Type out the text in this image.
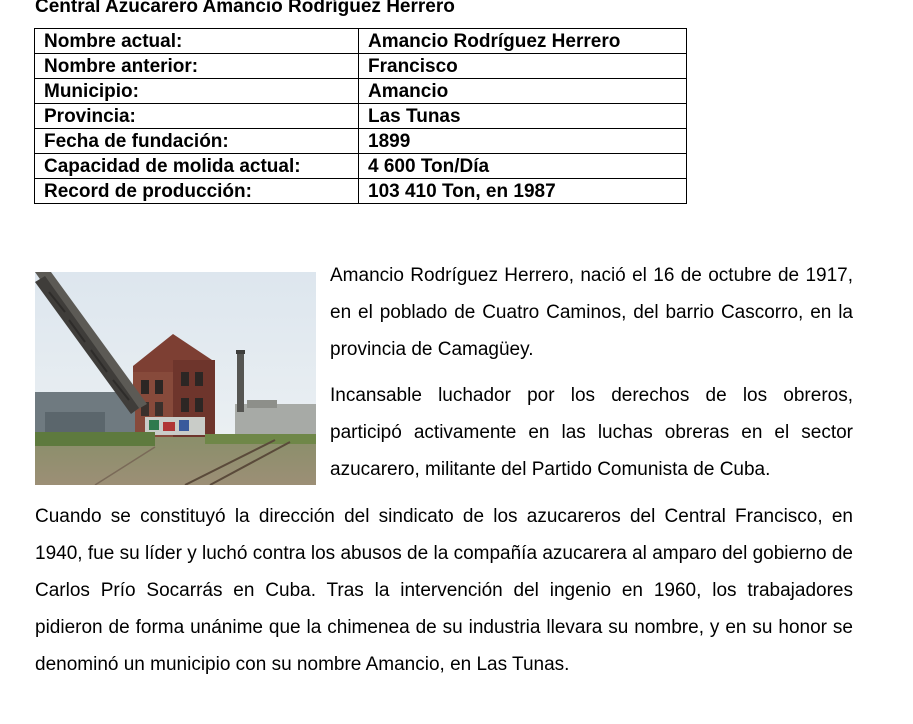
Central Azucarero Amancio Rodríguez Herrero
Nombre actual:	Amancio Rodríguez Herrero
Nombre anterior:	Francisco
Municipio:	Amancio
Provincia:	Las Tunas
Fecha de fundación:	1899
Capacidad de molida actual:	4 600 Ton/Día
Record de producción:	103 410 Ton, en 1987

Amancio Rodríguez Herrero, nació el 16 de octubre de 1917, en el poblado de Cuatro Caminos, del barrio Cascorro, en la provincia de Camagüey.

Incansable luchador por los derechos de los obreros, participó activamente en las luchas obreras en el sector azucarero, militante del Partido Comunista de Cuba.

Cuando se constituyó la dirección del sindicato de los azucareros del Central Francisco, en 1940, fue su líder y luchó contra los abusos de la compañía azucarera al amparo del gobierno de Carlos Prío Socarrás en Cuba. Tras la intervención del ingenio en 1960, los trabajadores pidieron de forma unánime que la chimenea de su industria llevara su nombre, y en su honor se denominó un municipio con su nombre Amancio, en Las Tunas.
